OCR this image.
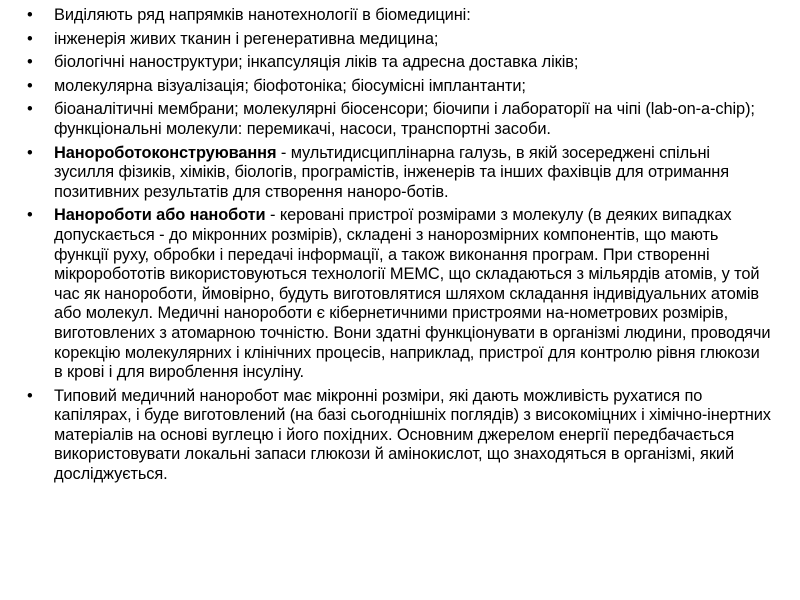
•	Виділяють ряд напрямків нанотехнології в біомедицині:
•	інженерія живих тканин і регенеративна медицина;
•	біологічні наноструктури; інкапсуляція ліків та адресна доставка ліків;
•	молекулярна візуалізація; біофотоніка; біосумісні імплантанти;
•	біоаналітичні мембрани; молекулярні біосенсори; біочипи і лабораторії на чіпі (lab-on-a-chip); функціональні молекули: перемикачі, насоси, транспортні засоби.
•	Нанороботоконструювання - мультидисциплінарна галузь, в якій зосереджені спільні зусилля фізиків, хіміків, біологів, програмістів, інженерів та інших фахівців для отримання позитивних результатів для створення наноро-ботів.
•	Нанороботи або наноботи - керовані пристрої розмірами з молекулу (в деяких випадках допускається - до мікронних розмірів), складені з нанорозмірних компонентів, що мають функції руху, обробки і передачі інформації, а також виконання програм. При створенні мікроробототів використовуються технології МЕМС, що складаються з мільярдів атомів, у той час як нанороботи, ймовірно, будуть виготовлятися шляхом складання індивідуальних атомів або молекул. Медичні нанороботи є кібернетичними пристроями на-нометрових розмірів, виготовлених з атомарною точністю. Вони здатні функціонувати в організмі людини, проводячи корекцію молекулярних і клінічних процесів, наприклад, пристрої для контролю рівня глюкози в крові і для вироблення інсуліну.
•	Типовий медичний наноробот має мікронні розміри, які дають можливість рухатися по капілярах, і буде виготовлений (на базі сьогоднішніх поглядів) з високоміцних і хімічно-інертних матеріалів на основі вуглецю і його похідних. Основним джерелом енергії передбачається використовувати локальні запаси глюкози й амінокислот, що знаходяться в організмі, який досліджується.
